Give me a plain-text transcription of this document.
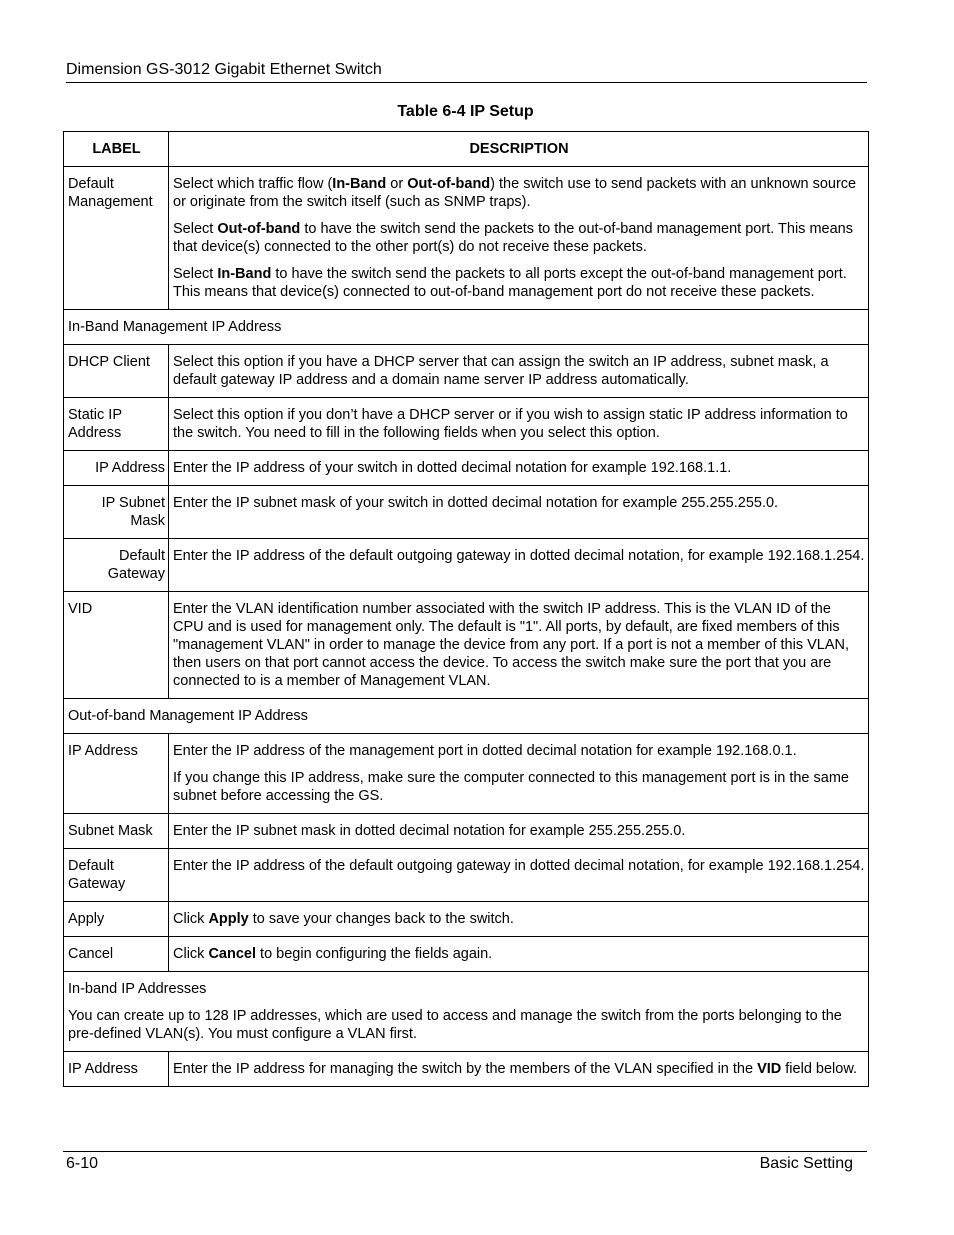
Dimension GS-3012 Gigabit Ethernet Switch
Table 6-4 IP Setup
LABEL	DESCRIPTION
Default Management	Select which traffic flow (In-Band or Out-of-band) the switch use to send packets with an unknown source or originate from the switch itself (such as SNMP traps).

Select Out-of-band to have the switch send the packets to the out-of-band management port. This means that device(s) connected to the other port(s) do not receive these packets.

Select In-Band to have the switch send the packets to all ports except the out-of-band management port. This means that device(s) connected to out-of-band management port do not receive these packets.

In-Band Management IP Address	
DHCP Client	Select this option if you have a DHCP server that can assign the switch an IP address, subnet mask, a default gateway IP address and a domain name server IP address automatically.
Static IP Address	Select this option if you don’t have a DHCP server or if you wish to assign static IP address information to the switch. You need to fill in the following fields when you select this option.
IP Address	Enter the IP address of your switch in dotted decimal notation for example 192.168.1.1.
IP Subnet Mask	Enter the IP subnet mask of your switch in dotted decimal notation for example 255.255.255.0.
Default Gateway	Enter the IP address of the default outgoing gateway in dotted decimal notation, for example 192.168.1.254.
VID	Enter the VLAN identification number associated with the switch IP address. This is the VLAN ID of the CPU and is used for management only. The default is "1". All ports, by default, are fixed members of this "management VLAN" in order to manage the device from any port. If a port is not a member of this VLAN, then users on that port cannot access the device. To access the switch make sure the port that you are connected to is a member of Management VLAN.
Out-of-band Management IP Address	
IP Address	Enter the IP address of the management port in dotted decimal notation for example 192.168.0.1.

If you change this IP address, make sure the computer connected to this management port is in the same subnet before accessing the GS.

Subnet Mask	Enter the IP subnet mask in dotted decimal notation for example 255.255.255.0.
Default Gateway	Enter the IP address of the default outgoing gateway in dotted decimal notation, for example 192.168.1.254.
Apply	Click Apply to save your changes back to the switch.
Cancel	Click Cancel to begin configuring the fields again.

In-band IP Addresses

You can create up to 128 IP addresses, which are used to access and manage the switch from the ports belonging to the pre-defined VLAN(s). You must configure a VLAN first.	

IP Address	Enter the IP address for managing the switch by the members of the VLAN specified in the VID field below.
6-10	Basic Setting
